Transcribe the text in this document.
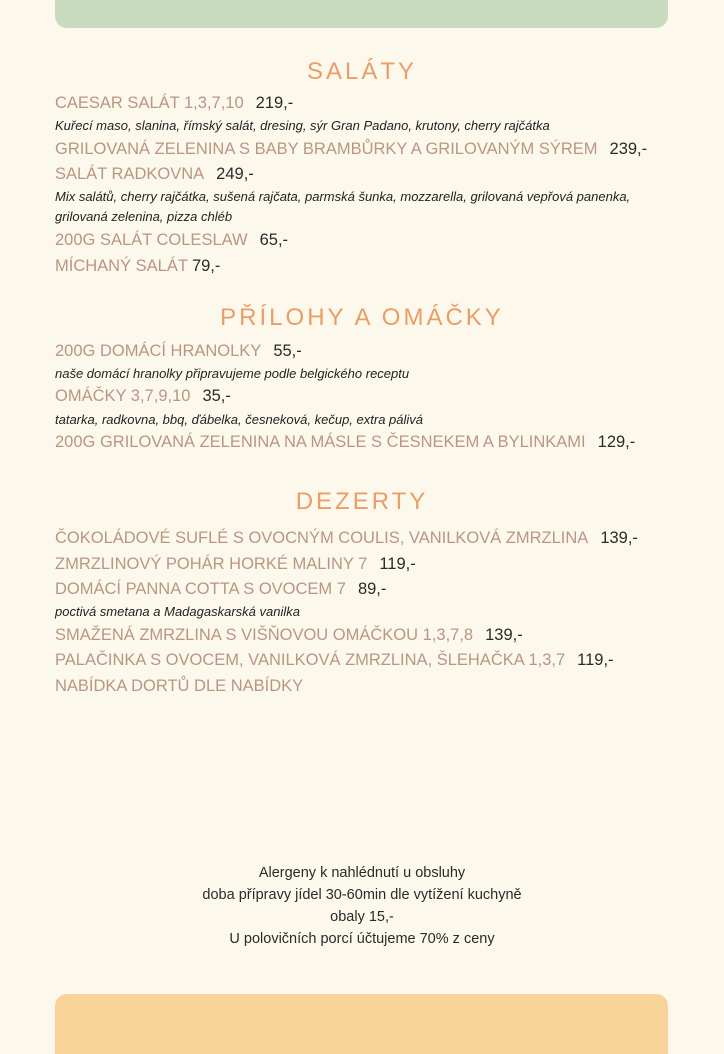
SALÁTY
CAESAR SALÁT 1,3,7,10 219,-
Kuřecí maso, slanina, římský salát, dresing, sýr Gran Padano, krutony, cherry rajčátka
GRILOVANÁ ZELENINA S BABY BRAMBŮRKY A GRILOVANÝM SÝREM 239,-
SALÁT RADKOVNA 249,-
Mix salátů, cherry rajčátka, sušená rajčata, parmská šunka, mozzarella, grilovaná vepřová panenka, grilovaná zelenina, pizza chléb
200G SALÁT COLESLAW 65,-
MÍCHANÝ SALÁT 79,-
PŘÍLOHY A OMÁČKY
200G DOMÁCÍ HRANOLKY 55,-
naše domácí hranolky připravujeme podle belgického receptu
OMÁČKY 3,7,9,10 35,-
tatarka, radkovna, bbq, ďábelka, česneková, kečup, extra pálivá
200G GRILOVANÁ ZELENINA NA MÁSLE S ČESNEKEM A BYLINKAMI 129,-
DEZERTY
ČOKOLÁDOVÉ SUFLÉ S OVOCNÝM COULIS, VANILKOVÁ ZMRZLINA 139,-
ZMRZLINOVÝ POHÁR HORKÉ MALINY 7 119,-
DOMÁCÍ PANNA COTTA S OVOCEM 7 89,-
poctivá smetana a Madagaskarská vanilka
SMAŽENÁ ZMRZLINA S VIŠŇOVOU OMÁČKOU 1,3,7,8 139,-
PALAČINKA S OVOCEM, VANILKOVÁ ZMRZLINA, ŠLEHAČKA 1,3,7 119,-
NABÍDKA DORTŮ DLE NABÍDKY
Alergeny k nahlédnutí u obsluhy
doba přípravy jídel 30-60min dle vytížení kuchyně
obaly 15,-
U polovičních porcí účtujeme 70% z ceny
